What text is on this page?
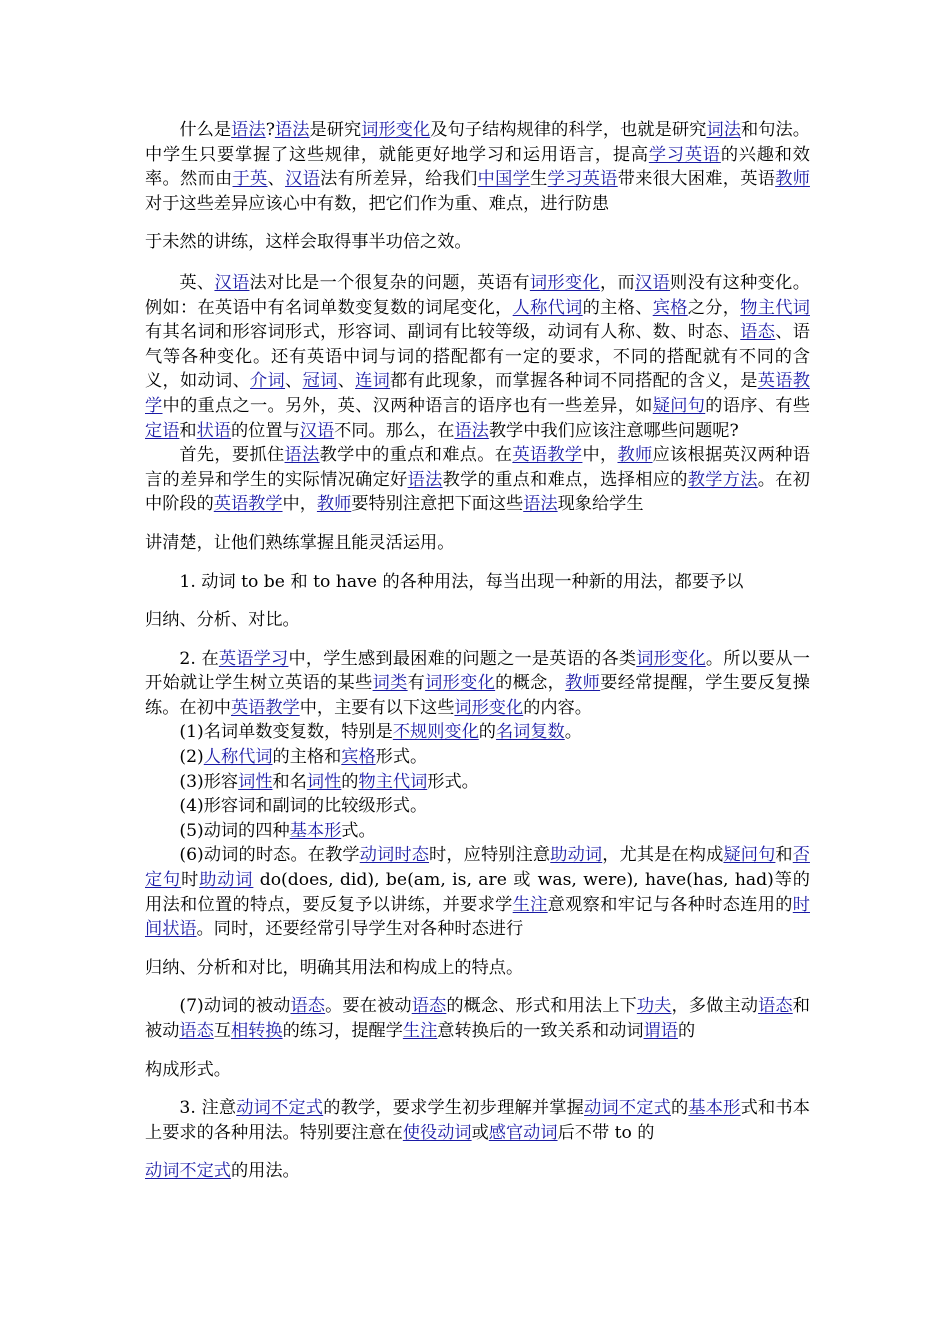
什么是语法?语法是研究词形变化及句子结构规律的科学，也就是研究词法和句法。中学生只要掌握了这些规律，就能更好地学习和运用语言，提高学习英语的兴趣和效率。然而由于英、汉语法有所差异，给我们中国学生学习英语带来很大困难，英语教师对于这些差异应该心中有数，把它们作为重、难点，进行防患

于未然的讲练，这样会取得事半功倍之效。

英、汉语法对比是一个很复杂的问题，英语有词形变化，而汉语则没有这种变化。例如：在英语中有名词单数变复数的词尾变化，人称代词的主格、宾格之分，物主代词有其名词和形容词形式，形容词、副词有比较等级，动词有人称、数、时态、语态、语气等各种变化。还有英语中词与词的搭配都有一定的要求，不同的搭配就有不同的含义，如动词、介词、冠词、连词都有此现象，而掌握各种词不同搭配的含义，是英语教学中的重点之一。另外，英、汉两种语言的语序也有一些差异，如疑问句的语序、有些定语和状语的位置与汉语不同。那么，在语法教学中我们应该注意哪些问题呢?

首先，要抓住语法教学中的重点和难点。在英语教学中，教师应该根据英汉两种语言的差异和学生的实际情况确定好语法教学的重点和难点，选择相应的教学方法。在初中阶段的英语教学中，教师要特别注意把下面这些语法现象给学生

讲清楚，让他们熟练掌握且能灵活运用。

1. 动词 to be 和 to have 的各种用法，每当出现一种新的用法，都要予以

归纳、分析、对比。

2. 在英语学习中，学生感到最困难的问题之一是英语的各类词形变化。所以要从一开始就让学生树立英语的某些词类有词形变化的概念，教师要经常提醒，学生要反复操练。在初中英语教学中，主要有以下这些词形变化的内容。

(1)名词单数变复数，特别是不规则变化的名词复数。

(2)人称代词的主格和宾格形式。

(3)形容词性和名词性的物主代词形式。

(4)形容词和副词的比较级形式。

(5)动词的四种基本形式。

(6)动词的时态。在教学动词时态时，应特别注意助动词，尤其是在构成疑问句和否定句时助动词 do(does, did), be(am, is, are 或 was, were), have(has, had)等的用法和位置的特点，要反复予以讲练，并要求学生注意观察和牢记与各种时态连用的时间状语。同时，还要经常引导学生对各种时态进行

归纳、分析和对比，明确其用法和构成上的特点。

(7)动词的被动语态。要在被动语态的概念、形式和用法上下功夫，多做主动语态和被动语态互相转换的练习，提醒学生注意转换后的一致关系和动词谓语的

构成形式。

3. 注意动词不定式的教学，要求学生初步理解并掌握动词不定式的基本形式和书本上要求的各种用法。特别要注意在使役动词或感官动词后不带 to 的

动词不定式的用法。
